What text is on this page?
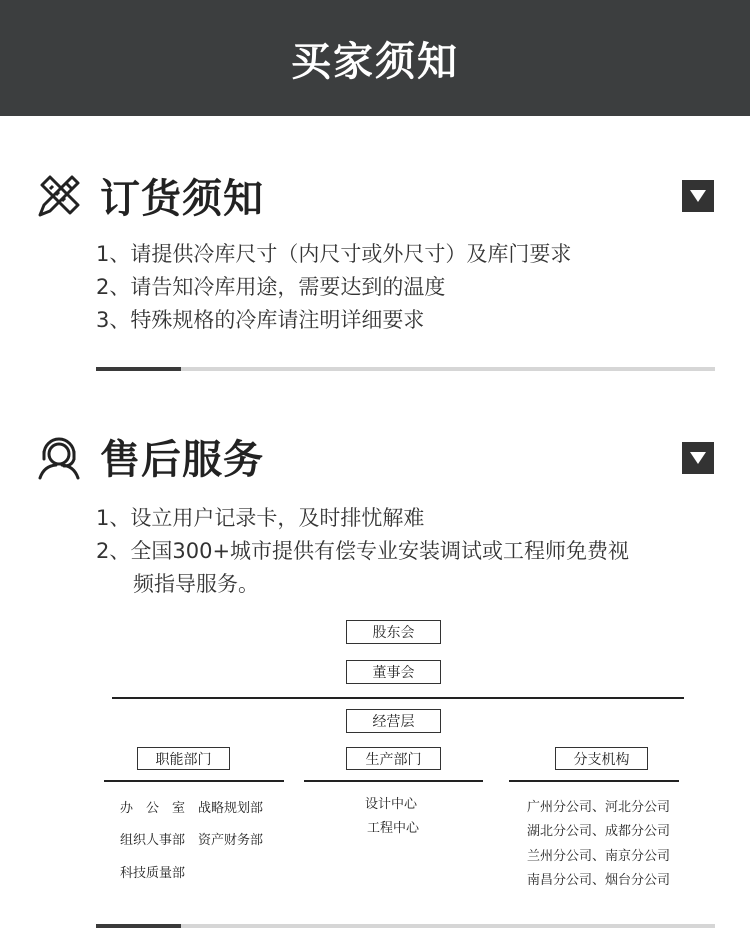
买家须知
订货须知
1、请提供冷库尺寸（内尺寸或外尺寸）及库门要求
2、请告知冷库用途，需要达到的温度
3、特殊规格的冷库请注明详细要求
售后服务
1、设立用户记录卡，及时排忧解难
2、全国300+城市提供有偿专业安装调试或工程师免费视
频指导服务。
股东会
董事会
经营层
职能部门	生产部门	分支机构
办　公　室　战略规划部
组织人事部　资产财务部
科技质量部
设计中心
工程中心
广州分公司、河北分公司
湖北分公司、成都分公司
兰州分公司、南京分公司
南昌分公司、烟台分公司
